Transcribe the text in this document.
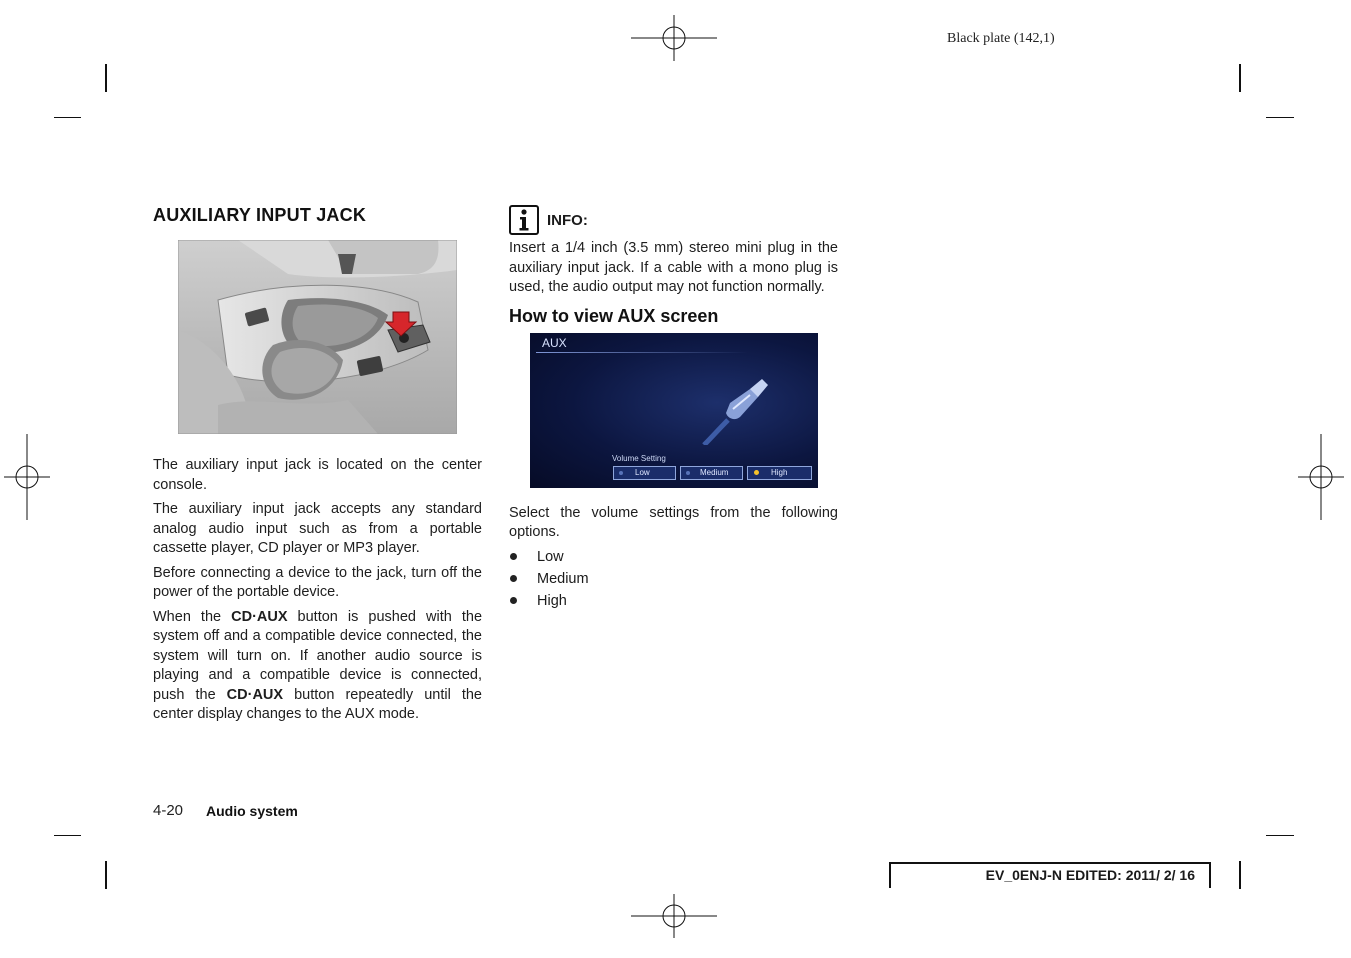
Black plate (142,1)
AUXILIARY INPUT JACK

The auxiliary input jack is located on the center console.

The auxiliary input jack accepts any standard analog audio input such as from a portable cassette player, CD player or MP3 player.

Before connecting a device to the jack, turn off the power of the portable device.

When the CD·AUX button is pushed with the system off and a compatible device connected, the system will turn on. If another audio source is playing and a compatible device is connected, push the CD·AUX button repeatedly until the center display changes to the AUX mode.

INFO:

Insert a 1/4 inch (3.5 mm) stereo mini plug in the auxiliary input jack. If a cable with a mono plug is used, the audio output may not function normally.

How to view AUX screen
AUX
Volume Setting
Low	Medium	High

Select the volume settings from the following options.

Low
Medium
High
4-20 Audio system
EV_0ENJ-N EDITED: 2011/ 2/ 16
